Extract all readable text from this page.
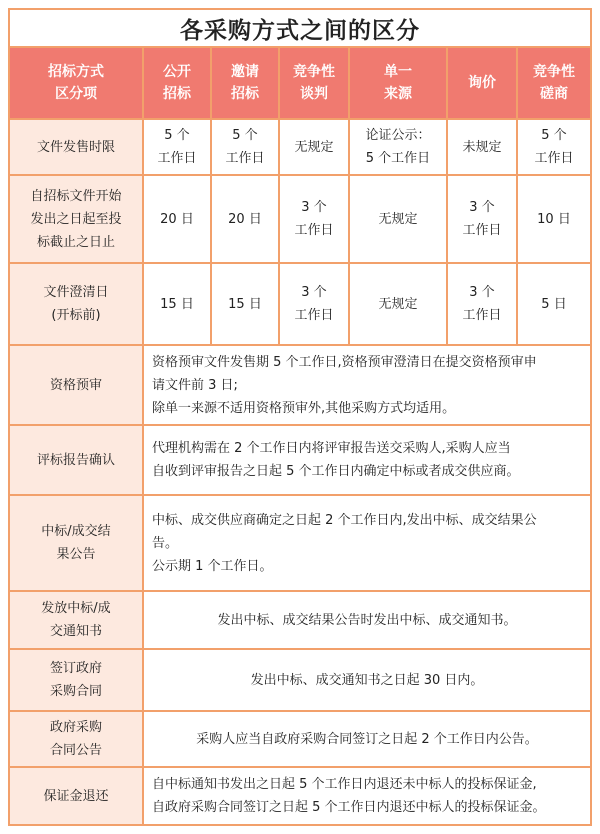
各采购方式之间的区分
招标方式
区分项
公开
招标
邀请
招标
竞争性
谈判
单一
来源
询价
竞争性
磋商
文件发售时限
5 个
工作日
5 个
工作日
无规定
论证公示：
5 个工作日
未规定
5 个
工作日
自招标文件开始
发出之日起至投
标截止之日止
20 日	20 日
3 个
工作日
无规定
3 个
工作日
10 日
文件澄清日
(开标前)
15 日	15 日
3 个
工作日
无规定
3 个
工作日
5 日
资格预审
资格预审文件发售期 5 个工作日,资格预审澄清日在提交资格预审申
请文件前 3 日;
除单一来源不适用资格预审外,其他采购方式均适用。
评标报告确认
代理机构需在 2 个工作日内将评审报告送交采购人,采购人应当
自收到评审报告之日起 5 个工作日内确定中标或者成交供应商。
中标/成交结
果公告
中标、成交供应商确定之日起 2 个工作日内,发出中标、成交结果公
告。
公示期 1 个工作日。
发放中标/成
交通知书
发出中标、成交结果公告时发出中标、成交通知书。
签订政府
采购合同
发出中标、成交通知书之日起 30 日内。
政府采购
合同公告
采购人应当自政府采购合同签订之日起 2 个工作日内公告。
保证金退还
自中标通知书发出之日起 5 个工作日内退还未中标人的投标保证金,
自政府采购合同签订之日起 5 个工作日内退还中标人的投标保证金。
